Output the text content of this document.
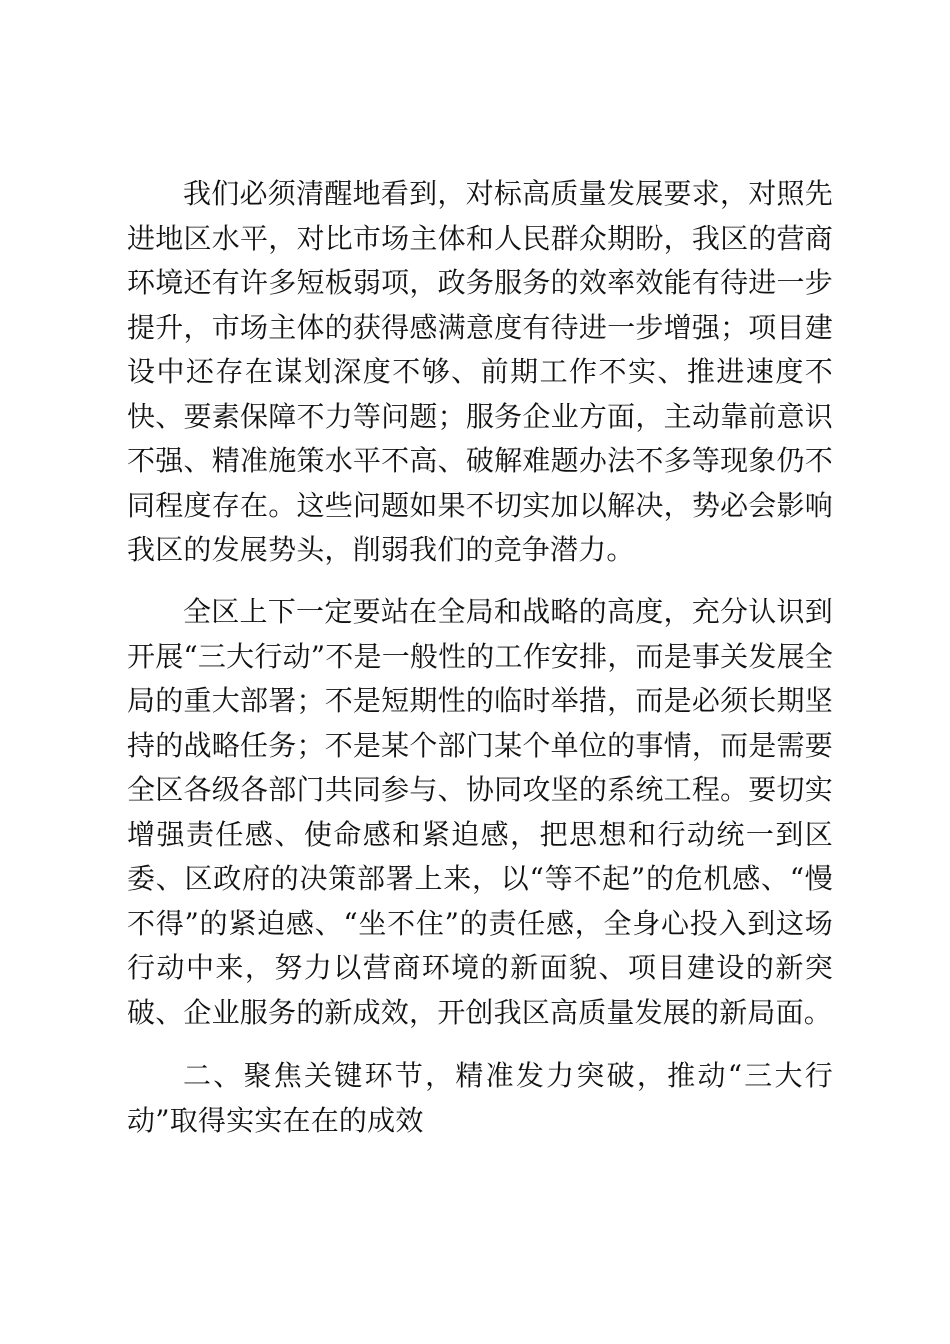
我们必须清醒地看到，对标高质量发展要求，对照先进地区水平，对比市场主体和人民群众期盼，我区的营商环境还有许多短板弱项，政务服务的效率效能有待进一步提升，市场主体的获得感满意度有待进一步增强；项目建设中还存在谋划深度不够、前期工作不实、推进速度不快、要素保障不力等问题；服务企业方面，主动靠前意识不强、精准施策水平不高、破解难题办法不多等现象仍不同程度存在。这些问题如果不切实加以解决，势必会影响我区的发展势头，削弱我们的竞争潜力。

全区上下一定要站在全局和战略的高度，充分认识到开展“三大行动”不是一般性的工作安排，而是事关发展全局的重大部署；不是短期性的临时举措，而是必须长期坚持的战略任务；不是某个部门某个单位的事情，而是需要全区各级各部门共同参与、协同攻坚的系统工程。要切实增强责任感、使命感和紧迫感，把思想和行动统一到区委、区政府的决策部署上来，以“等不起”的危机感、“慢不得”的紧迫感、“坐不住”的责任感，全身心投入到这场行动中来，努力以营商环境的新面貌、项目建设的新突破、企业服务的新成效，开创我区高质量发展的新局面。

二、聚焦关键环节，精准发力突破，推动“三大行动”取得实实在在的成效
